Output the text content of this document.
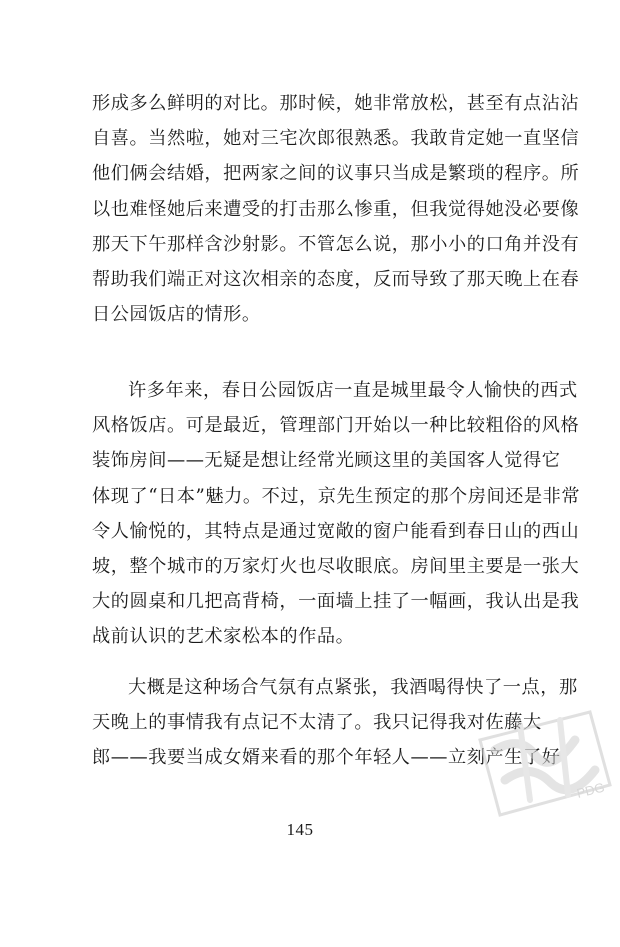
形成多么鲜明的对比。那时候，她非常放松，甚至有点沾沾
自喜。当然啦，她对三宅次郎很熟悉。我敢肯定她一直坚信
他们俩会结婚，把两家之间的议事只当成是繁琐的程序。所
以也难怪她后来遭受的打击那么惨重，但我觉得她没必要像
那天下午那样含沙射影。不管怎么说，那小小的口角并没有
帮助我们端正对这次相亲的态度，反而导致了那天晚上在春
日公园饭店的情形。
许多年来，春日公园饭店一直是城里最令人愉快的西式
风格饭店。可是最近，管理部门开始以一种比较粗俗的风格
装饰房间——无疑是想让经常光顾这里的美国客人觉得它
体现了“日本”魅力。不过，京先生预定的那个房间还是非常
令人愉悦的，其特点是通过宽敞的窗户能看到春日山的西山
坡，整个城市的万家灯火也尽收眼底。房间里主要是一张大
大的圆桌和几把高背椅，一面墙上挂了一幅画，我认出是我
战前认识的艺术家松本的作品。
大概是这种场合气氛有点紧张，我酒喝得快了一点，那
天晚上的事情我有点记不太清了。我只记得我对佐藤大
郎——我要当成女婿来看的那个年轻人——立刻产生了好
145
PDG
